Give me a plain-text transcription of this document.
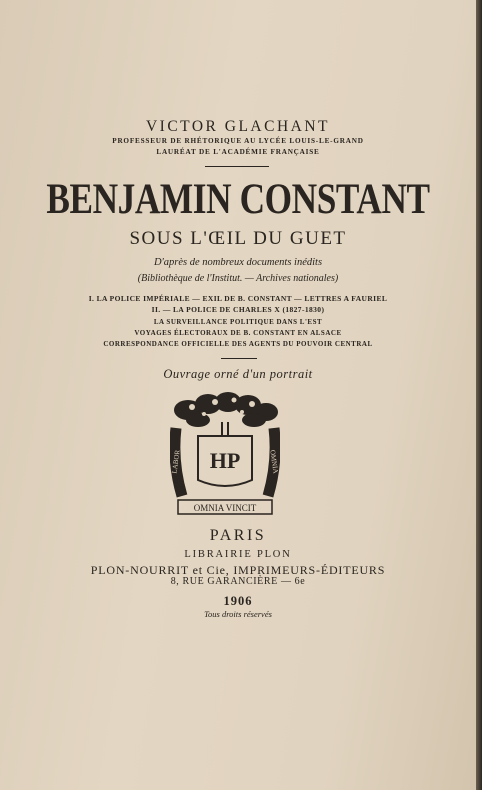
VICTOR GLACHANT
PROFESSEUR DE RHÉTORIQUE AU LYCÉE LOUIS-LE-GRAND
LAURÉAT DE L'ACADÉMIE FRANÇAISE
BENJAMIN CONSTANT
SOUS L'ŒIL DU GUET
D'après de nombreux documents inédits
(Bibliothèque de l'Institut. — Archives nationales)
I. LA POLICE IMPÉRIALE — EXIL DE B. CONSTANT — LETTRES A FAURIEL
II. — LA POLICE DE CHARLES X (1827-1830)
LA SURVEILLANCE POLITIQUE DANS L'EST
VOYAGES ÉLECTORAUX DE B. CONSTANT EN ALSACE
CORRESPONDANCE OFFICIELLE DES AGENTS DU POUVOIR CENTRAL
Ouvrage orné d'un portrait
HP
LABOR	OMNIA
OMNIA VINCIT
PARIS
LIBRAIRIE PLON
PLON-NOURRIT et Cie, IMPRIMEURS-ÉDITEURS
8, RUE GARANCIÈRE — 6e
1906
Tous droits réservés
